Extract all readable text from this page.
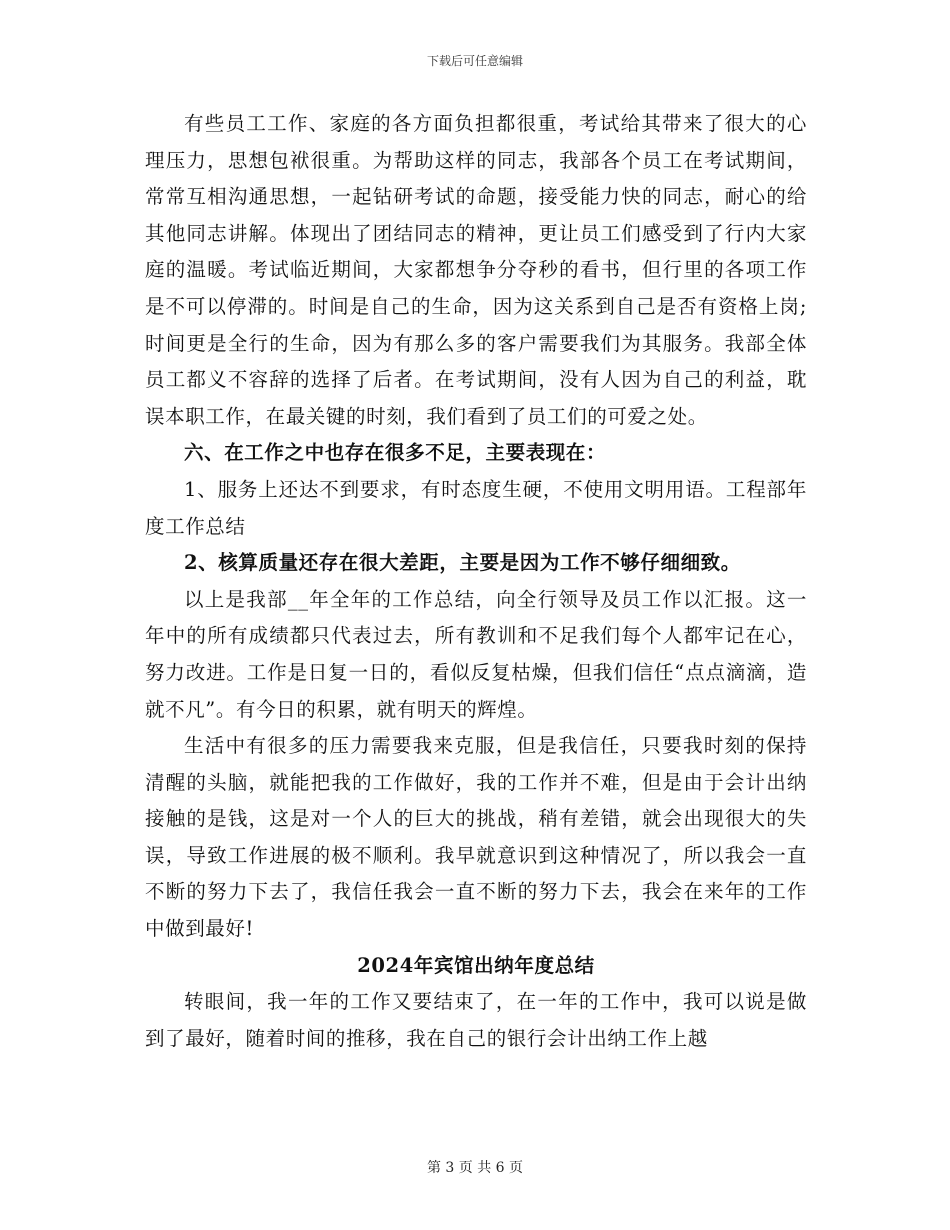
下载后可任意编辑

有些员工工作、家庭的各方面负担都很重，考试给其带来了很大的心理压力，思想包袱很重。为帮助这样的同志，我部各个员工在考试期间，常常互相沟通思想，一起钻研考试的命题，接受能力快的同志，耐心的给其他同志讲解。体现出了团结同志的精神，更让员工们感受到了行内大家庭的温暖。考试临近期间，大家都想争分夺秒的看书，但行里的各项工作是不可以停滞的。时间是自己的生命，因为这关系到自己是否有资格上岗;时间更是全行的生命，因为有那么多的客户需要我们为其服务。我部全体员工都义不容辞的选择了后者。在考试期间，没有人因为自己的利益，耽误本职工作，在最关键的时刻，我们看到了员工们的可爱之处。

六、在工作之中也存在很多不足，主要表现在：

1、服务上还达不到要求，有时态度生硬，不使用文明用语。工程部年度工作总结

2、核算质量还存在很大差距，主要是因为工作不够仔细细致。

以上是我部__年全年的工作总结，向全行领导及员工作以汇报。这一年中的所有成绩都只代表过去，所有教训和不足我们每个人都牢记在心，努力改进。工作是日复一日的，看似反复枯燥，但我们信任“点点滴滴，造就不凡”。有今日的积累，就有明天的辉煌。

生活中有很多的压力需要我来克服，但是我信任，只要我时刻的保持清醒的头脑，就能把我的工作做好，我的工作并不难，但是由于会计出纳接触的是钱，这是对一个人的巨大的挑战，稍有差错，就会出现很大的失误，导致工作进展的极不顺利。我早就意识到这种情况了，所以我会一直不断的努力下去了，我信任我会一直不断的努力下去，我会在来年的工作中做到最好!

2024年宾馆出纳年度总结

转眼间，我一年的工作又要结束了，在一年的工作中，我可以说是做到了最好，随着时间的推移，我在自己的银行会计出纳工作上越

第 3 页 共 6 页
